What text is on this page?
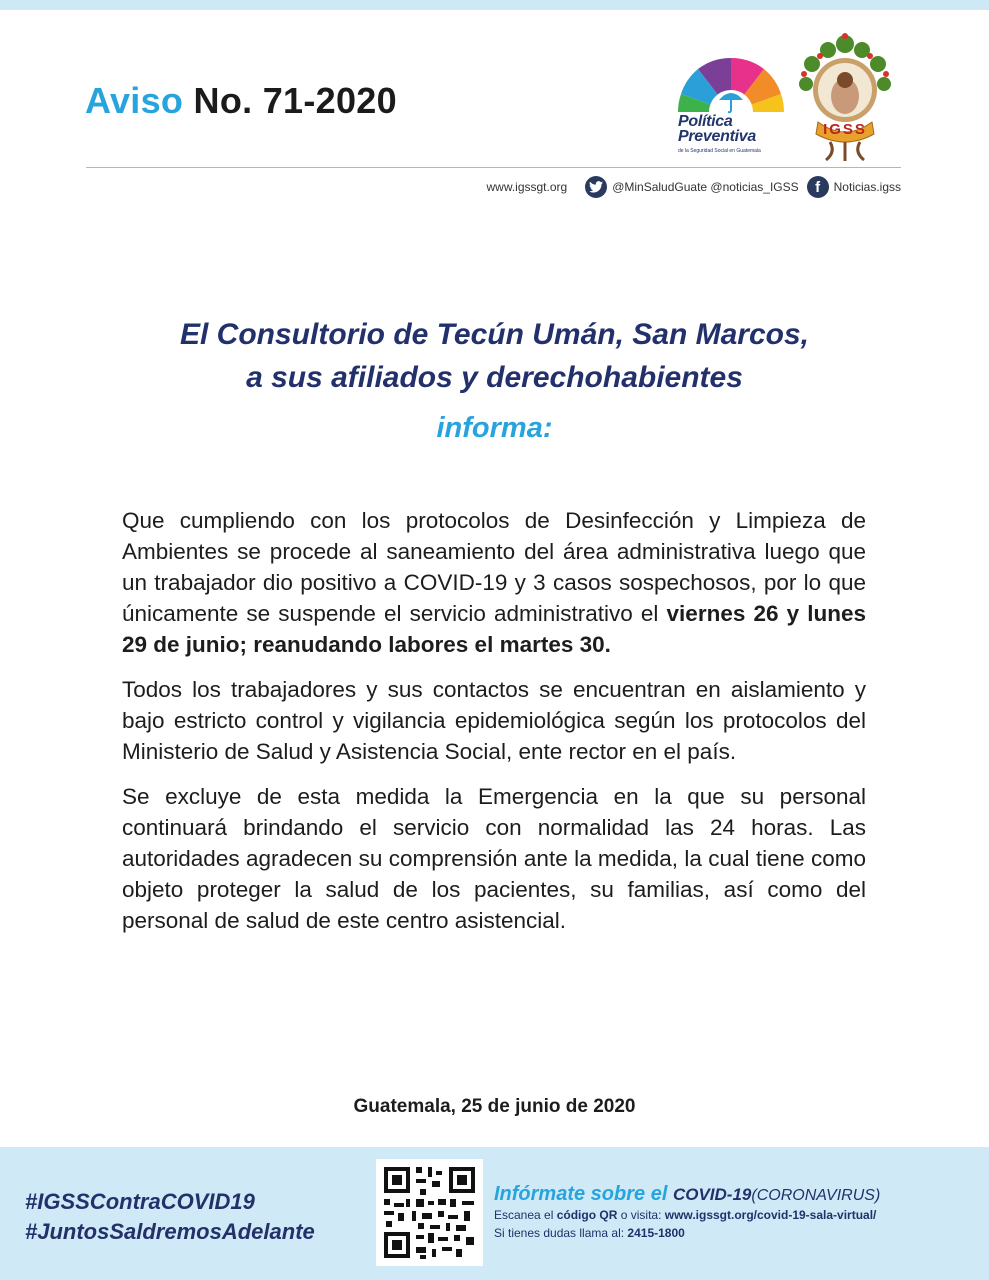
Aviso No. 71-2020
Política
Preventiva
de la Seguridad Social en Guatemala
IGSS
www.igssgt.org	@MinSaludGuate @noticias_IGSS	f	Noticias.igss
El Consultorio de Tecún Umán, San Marcos,
a sus afiliados y derechohabientes
informa:

Que cumpliendo con los protocolos de Desinfección y Limpieza de Ambientes se procede al saneamiento del área administrativa luego que un trabajador dio positivo a COVID-19 y 3 casos sospechosos, por lo que únicamente se suspende el servicio administrativo el viernes 26 y lunes 29 de junio; reanudando labores el martes 30.

Todos los trabajadores y sus contactos se encuentran en aislamiento y bajo estricto control y vigilancia epidemiológica según los protocolos del Ministerio de Salud y Asistencia Social, ente rector en el país.

Se excluye de esta medida la Emergencia en la que su personal continuará brindando el servicio con normalidad las 24 horas. Las autoridades agradecen su comprensión ante la medida, la cual tiene como objeto proteger la salud de los pacientes, su familias, así como del personal de salud de este centro asistencial.

Guatemala, 25 de junio de 2020
#IGSSContraCOVID19
#JuntosSaldremosAdelante
Infórmate sobre el COVID-19(CORONAVIRUS)
Escanea el código QR o visita: www.igssgt.org/covid-19-sala-virtual/
Si tienes dudas llama al: 2415-1800
